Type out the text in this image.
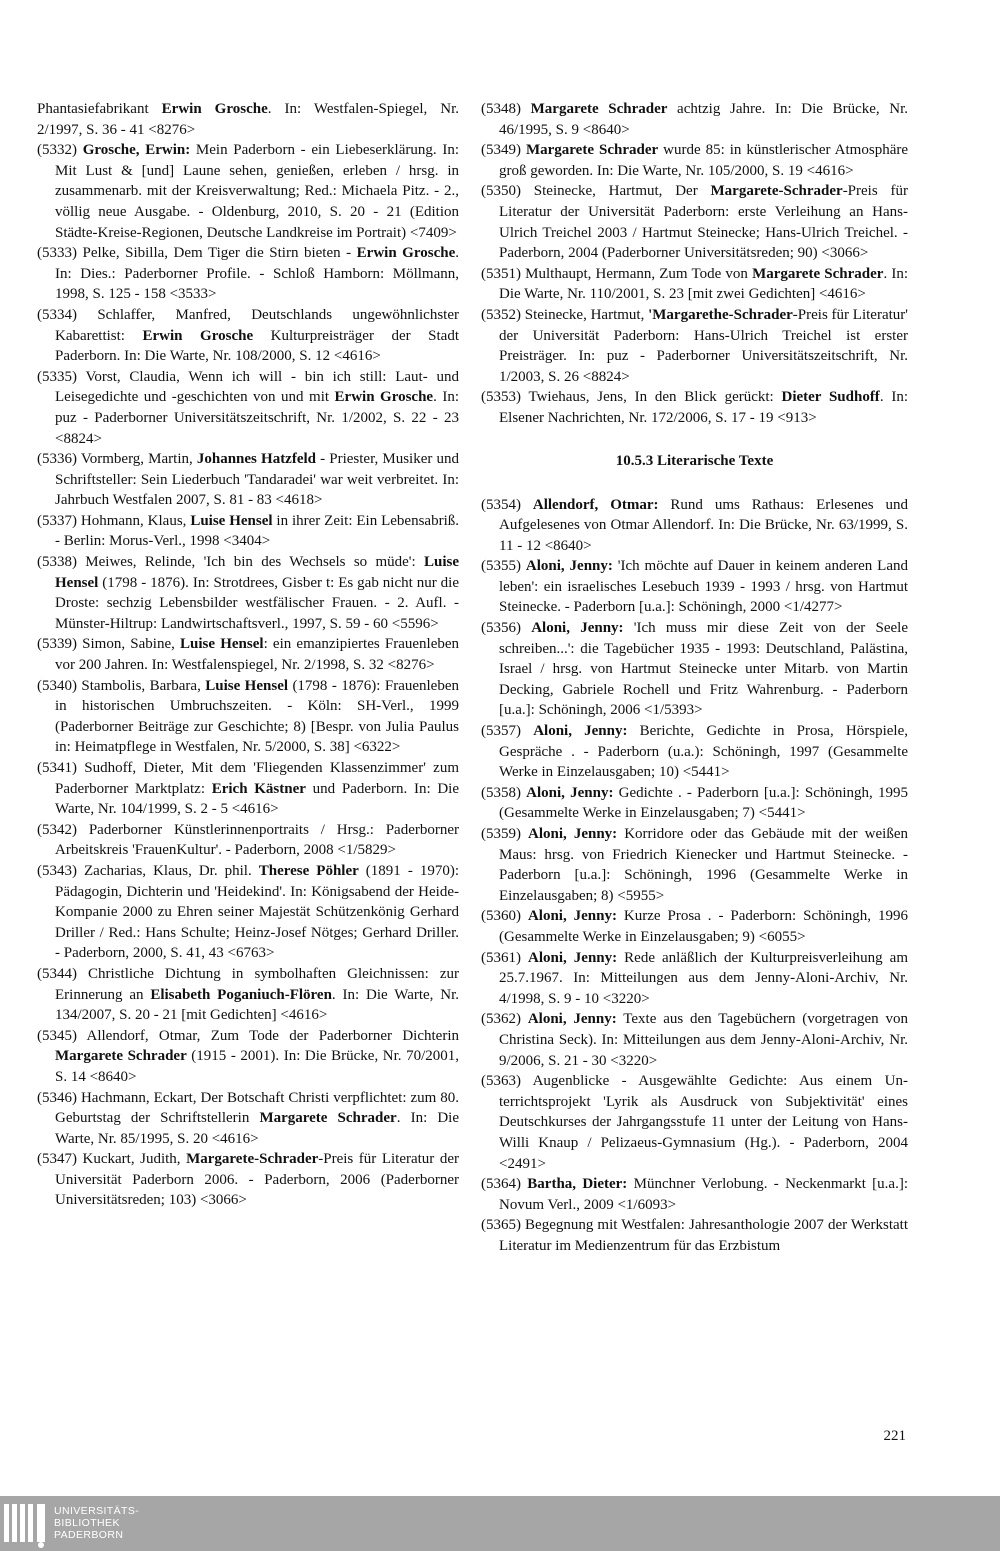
Phantasiefabrikant Erwin Grosche. In: Westfalen-Spiegel, Nr. 2/1997, S. 36 - 41 <8276>

(5332) Grosche, Erwin: Mein Paderborn - ein Liebeserklärung. In: Mit Lust & [und] Laune sehen, genießen, erleben / hrsg. in zusammenarb. mit der Kreisverwaltung; Red.: Michaela Pitz. - 2., völlig neue Ausgabe. - Oldenburg, 2010, S. 20 - 21 (Edition Städte-Kreise-Regionen, Deutsche Landkreise im Portrait) <7409>

(5333) Pelke, Sibilla, Dem Tiger die Stirn bieten - Erwin Grosche. In: Dies.: Paderborner Profile. - Schloß Hamborn: Möllmann, 1998, S. 125 - 158 <3533>

(5334) Schlaffer, Manfred, Deutschlands ungewöhnlichster Kabarettist: Erwin Grosche Kulturpreisträger der Stadt Paderborn. In: Die Warte, Nr. 108/2000, S. 12 <4616>

(5335) Vorst, Claudia, Wenn ich will - bin ich still: Laut- und Leisegedichte und -geschichten von und mit Erwin Grosche. In: puz - Paderborner Universitätszeitschrift, Nr. 1/2002, S. 22 - 23 <8824>

(5336) Vormberg, Martin, Johannes Hatzfeld - Priester, Musiker und Schriftsteller: Sein Liederbuch 'Tandaradei' war weit verbreitet. In: Jahrbuch Westfalen 2007, S. 81 - 83 <4618>

(5337) Hohmann, Klaus, Luise Hensel in ihrer Zeit: Ein Lebensabriß. - Berlin: Morus-Verl., 1998 <3404>

(5338) Meiwes, Relinde, 'Ich bin des Wechsels so müde': Luise Hensel (1798 - 1876). In: Strotdrees, Gisber t: Es gab nicht nur die Droste: sechzig Lebensbilder westfälischer Frauen. - 2. Aufl. - Münster-Hiltrup: Landwirtschaftsverl., 1997, S. 59 - 60 <5596>

(5339) Simon, Sabine, Luise Hensel: ein emanzipiertes Frauenleben vor 200 Jahren. In: Westfalenspiegel, Nr. 2/1998, S. 32 <8276>

(5340) Stambolis, Barbara, Luise Hensel (1798 - 1876): Frauenleben in historischen Umbruchszeiten. - Köln: SH-Verl., 1999 (Paderborner Beiträge zur Geschichte; 8) [Bespr. von Julia Paulus in: Heimatpflege in Westfalen, Nr. 5/2000, S. 38] <6322>

(5341) Sudhoff, Dieter, Mit dem 'Fliegenden Klassenzimmer' zum Paderborner Marktplatz: Erich Kästner und Paderborn. In: Die Warte, Nr. 104/1999, S. 2 - 5 <4616>

(5342) Paderborner Künstlerinnenportraits / Hrsg.: Paderborner Arbeitskreis 'FrauenKultur'. - Paderborn, 2008 <1/5829>

(5343) Zacharias, Klaus, Dr. phil. Therese Pöhler (1891 - 1970): Pädagogin, Dichterin und 'Heidekind'. In: Königsabend der Heide-Kompanie 2000 zu Ehren seiner Majestät Schützenkönig Gerhard Driller / Red.: Hans Schulte; Heinz-Josef Nötges; Gerhard Driller. - Paderborn, 2000, S. 41, 43 <6763>

(5344) Christliche Dichtung in symbolhaften Gleichnissen: zur Erinnerung an Elisabeth Poganiuch-Flören. In: Die Warte, Nr. 134/2007, S. 20 - 21 [mit Gedichten] <4616>

(5345) Allendorf, Otmar, Zum Tode der Paderborner Dichterin Margarete Schrader (1915 - 2001). In: Die Brücke, Nr. 70/2001, S. 14 <8640>

(5346) Hachmann, Eckart, Der Botschaft Christi verpflichtet: zum 80. Geburtstag der Schriftstellerin Margarete Schrader. In: Die Warte, Nr. 85/1995, S. 20 <4616>

(5347) Kuckart, Judith, Margarete-Schrader-Preis für Literatur der Universität Paderborn 2006. - Paderborn, 2006 (Paderborner Universitätsreden; 103) <3066>

(5348) Margarete Schrader achtzig Jahre. In: Die Brücke, Nr. 46/1995, S. 9 <8640>

(5349) Margarete Schrader wurde 85: in künstlerischer Atmosphäre groß geworden. In: Die Warte, Nr. 105/2000, S. 19 <4616>

(5350) Steinecke, Hartmut, Der Margarete-Schrader-Preis für Literatur der Universität Paderborn: erste Verleihung an Hans-Ulrich Treichel 2003 / Hartmut Steinecke; Hans-Ulrich Treichel. - Paderborn, 2004 (Paderborner Universitätsreden; 90) <3066>

(5351) Multhaupt, Hermann, Zum Tode von Margarete Schrader. In: Die Warte, Nr. 110/2001, S. 23 [mit zwei Gedichten] <4616>

(5352) Steinecke, Hartmut, 'Margarethe-Schrader-Preis für Literatur' der Universität Paderborn: Hans-Ulrich Treichel ist erster Preisträger. In: puz - Paderborner Universitätszeitschrift, Nr. 1/2003, S. 26 <8824>

(5353) Twiehaus, Jens, In den Blick gerückt: Dieter Sudhoff. In: Elsener Nachrichten, Nr. 172/2006, S. 17 - 19 <913>

10.5.3 Literarische Texte

(5354) Allendorf, Otmar: Rund ums Rathaus: Erlesenes und Aufgelesenes von Otmar Allendorf. In: Die Brücke, Nr. 63/1999, S. 11 - 12 <8640>

(5355) Aloni, Jenny: 'Ich möchte auf Dauer in keinem anderen Land leben': ein israelisches Lesebuch 1939 - 1993 / hrsg. von Hartmut Steinecke. - Paderborn [u.a.]: Schöningh, 2000 <1/4277>

(5356) Aloni, Jenny: 'Ich muss mir diese Zeit von der Seele schreiben...': die Tagebücher 1935 - 1993: Deutschland, Palästina, Israel / hrsg. von Hartmut Steinecke unter Mitarb. von Martin Decking, Gabriele Rochell und Fritz Wahrenburg. - Paderborn [u.a.]: Schöningh, 2006 <1/5393>

(5357) Aloni, Jenny: Berichte, Gedichte in Prosa, Hörspiele, Gespräche . - Paderborn (u.a.): Schöningh, 1997 (Gesammelte Werke in Einzelausgaben; 10) <5441>

(5358) Aloni, Jenny: Gedichte . - Paderborn [u.a.]: Schöningh, 1995 (Gesammelte Werke in Einzelausgaben; 7) <5441>

(5359) Aloni, Jenny: Korridore oder das Gebäude mit der weißen Maus: hrsg. von Friedrich Kienecker und Hartmut Steinecke. - Paderborn [u.a.]: Schöningh, 1996 (Gesammelte Werke in Einzelausgaben; 8) <5955>

(5360) Aloni, Jenny: Kurze Prosa . - Paderborn: Schöningh, 1996 (Gesammelte Werke in Einzelausgaben; 9) <6055>

(5361) Aloni, Jenny: Rede anläßlich der Kulturpreisverleihung am 25.7.1967. In: Mitteilungen aus dem Jenny-Aloni-Archiv, Nr. 4/1998, S. 9 - 10 <3220>

(5362) Aloni, Jenny: Texte aus den Tagebüchern (vorgetragen von Christina Seck). In: Mitteilungen aus dem Jenny-Aloni-Archiv, Nr. 9/2006, S. 21 - 30 <3220>

(5363) Augenblicke - Ausgewählte Gedichte: Aus einem Unterrichtsprojekt 'Lyrik als Ausdruck von Subjektivität' eines Deutschkurses der Jahrgangsstufe 11 unter der Leitung von Hans-Willi Knaup / Pelizaeus-Gymnasium (Hg.). - Paderborn, 2004 <2491>

(5364) Bartha, Dieter: Münchner Verlobung. - Neckenmarkt [u.a.]: Novum Verl., 2009 <1/6093>

(5365) Begegnung mit Westfalen: Jahresanthologie 2007 der Werkstatt Literatur im Medienzentrum für das Erzbistum

221
UNIVERSITÄTS-
BIBLIOTHEK
PADERBORN
